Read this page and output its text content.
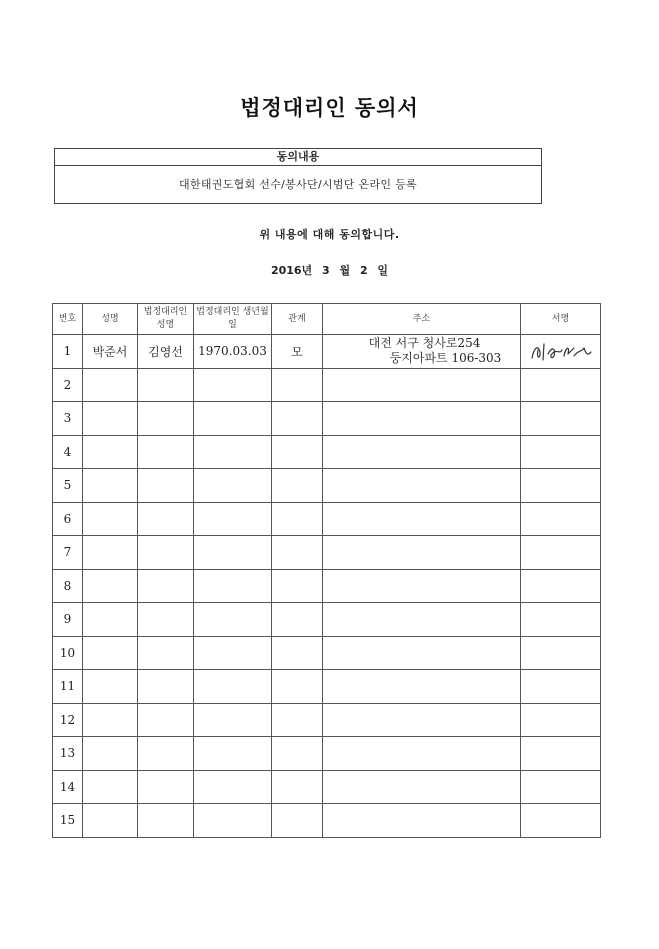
법정대리인 동의서
동의내용
대한태권도협회 선수/봉사단/시범단 온라인 등록
위 내용에 대해 동의합니다.
2016년 3 월 2 일
번호	성명	법정대리인 성명	법정대리인 생년월일	관계	주소	서명
1	박준서	김영선	1970.03.03	모	대전 서구 청사로254
둥지아파트 106-303

2						
3						
4						
5						
6						
7						
8						
9						
10						
11						
12						
13						
14						
15						
